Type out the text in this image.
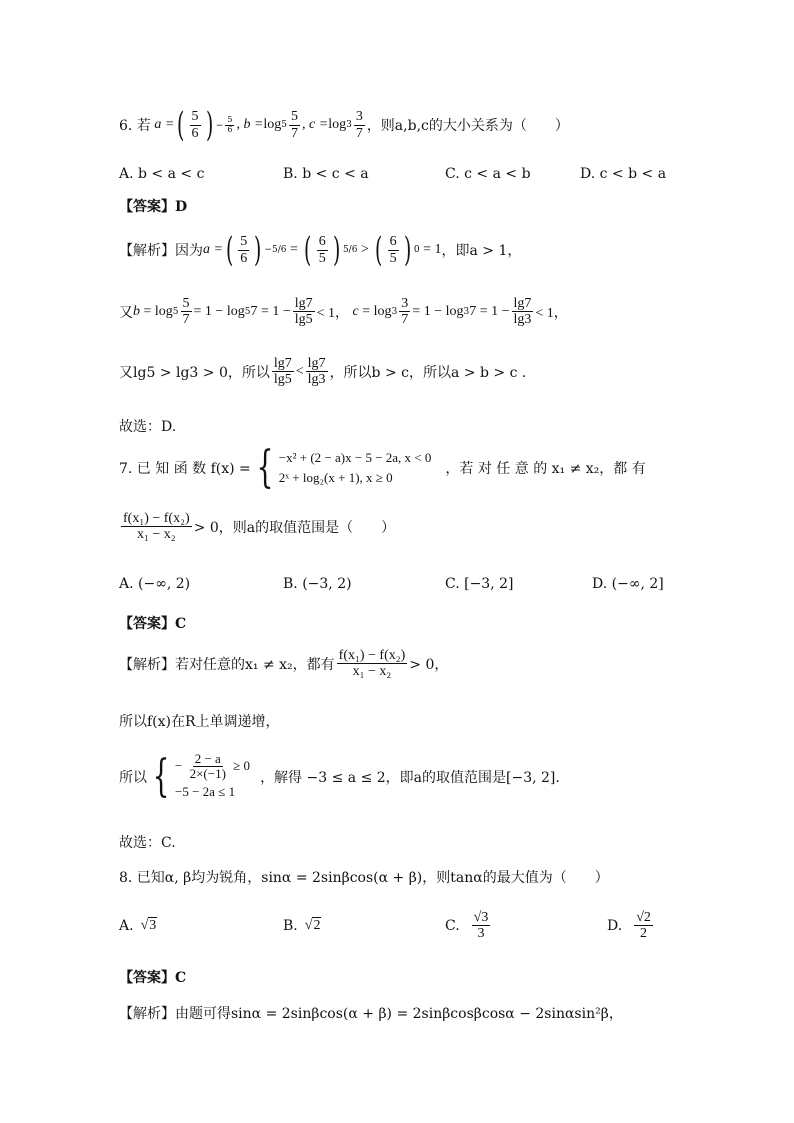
6. 若 a = ( $\frac{5}{6}$ ) − $\frac{5}{6}$ , $b = \log 5 \frac{5}{7}$ , $c = \log 3 \frac{3}{7}$ ，则a,b,c的大小关系为（　　）
A. b < a < c	B. b < c < a	C. c < a < b	D. c < b < a
【答案】D
【解析】因为 a = ( $\frac{5}{6}$ ) −5/6 = ( $\frac{6}{5}$ ) 5/6 > ( $\frac{6}{5}$ ) 0 = 1 ，即a > 1，
又 $b = \log 5 \frac{5}{7} = 1 - \log 5$ $7 = 1 - \frac{\lg 7}{\lg 5} < 1$， $c = \log 3 \frac{3}{7} = 1 - \log 3$ $7 = 1 - \frac{\lg 7}{\lg 3} < 1$，
又lg5 > lg3 > 0，所以 $\frac{\lg 7}{\lg 5} < \frac{\lg 7}{\lg 3}$ ，所以b > c，所以a > b > c .
故选：D.
7. 已 知 函 数 f(x) = { −x² + (2 − a)x − 5 − 2a, x < 0
2ˣ + log₂(x + 1), x ≥ 0
，若 对 任 意 的 x₁ ≠ x₂，都 有
$\frac{\text{f(x₁) − f(x₂)}}{\text{x₁ − x₂}} > 0$，则a的取值范围是（　　）
A. (−∞, 2)	B. (−3, 2)	C. [−3, 2]	D. (−∞, 2]
【答案】C
【解析】若对任意的x₁ ≠ x₂，都有 $\frac{\text{f(x₁) − f(x₂)}}{\text{x₁ − x₂}} > 0$，
所以f(x)在R上单调递增，
所以 { − $\frac{2 - a}{2\times(-1)} \ge 0$
−5 − 2a ≤ 1
，解得 −3 ≤ a ≤ 2，即a的取值范围是[−3, 2].
故选：C.
8. 已知α, β均为锐角，sinα = 2sinβcos(α + β)，则tanα的最大值为（　　）
A. √3	B. √2	C. $\frac{√3}{3}$	D. $\frac{√2}{2}$
【答案】C
【解析】由题可得sinα = 2sinβcos(α + β) = 2sinβcosβcosα − 2sinαsin²β，
